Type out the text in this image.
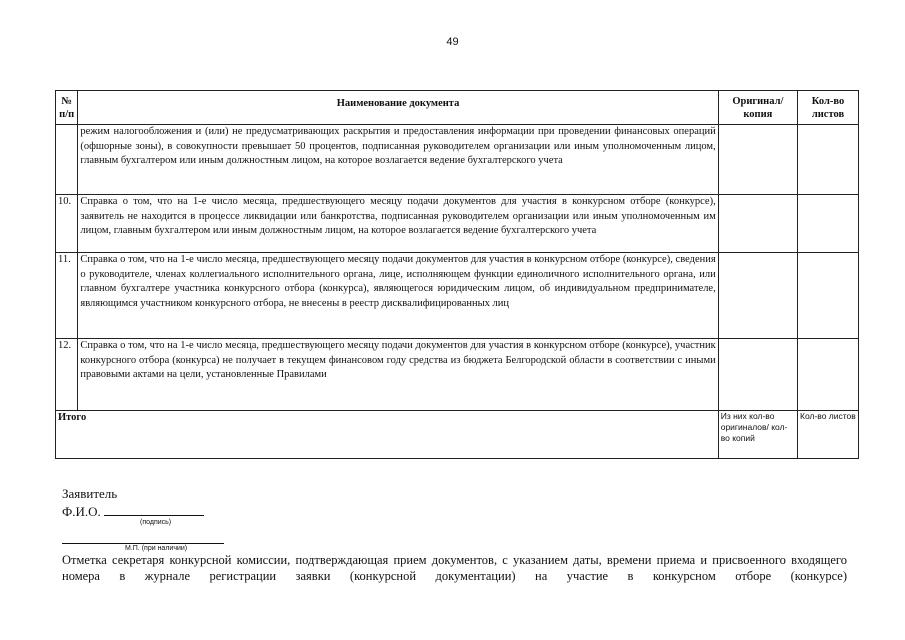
49
№ п/п	Наименование документа	Оригинал/ копия	Кол-во листов
	режим налогообложения и (или) не предусматривающих раскрытия и предоставления информации при проведении финансовых операций (офшорные зоны), в совокупности превышает 50 процентов, подписанная руководителем организации или иным уполномоченным лицом, главным бухгалтером или иным должностным лицом, на которое возлагается ведение бухгалтерского учета		
10.	Справка о том, что на 1-е число месяца, предшествующего месяцу подачи документов для участия в конкурсном отборе (конкурсе), заявитель не находится в процессе ликвидации или банкротства, подписанная руководителем организации или иным уполномоченным им лицом, главным бухгалтером или иным должностным лицом, на которое возлагается ведение бухгалтерского учета		
11.	Справка о том, что на 1-е число месяца, предшествующего месяцу подачи документов для участия в конкурсном отборе (конкурсе), сведения о руководителе, членах коллегиального исполнительного органа, лице, исполняющем функции единоличного исполнительного органа, или главном бухгалтере участника конкурсного отбора (конкурса), являющегося юридическим лицом, об индивидуальном предпринимателе, являющимся участником конкурсного отбора, не внесены в реестр дисквалифицированных лиц		
12.	Справка о том, что на 1-е число месяца, предшествующего месяцу подачи документов для участия в конкурсном отборе (конкурсе), участник конкурсного отбора (конкурса) не получает в текущем финансовом году средства из бюджета Белгородской области в соответствии с иными правовыми актами на цели, установленные Правилами		
Итого		Из них кол-во оригиналов/ кол-во копий	Кол-во листов
Заявитель
Ф.И.О.
(подпись)
М.П. (при наличии)
Отметка секретаря конкурсной комиссии, подтверждающая прием документов, с указанием даты, времени приема и присвоенного входящего номера в журнале регистрации заявки (конкурсной документации) на участие в конкурсном отборе (конкурсе)
